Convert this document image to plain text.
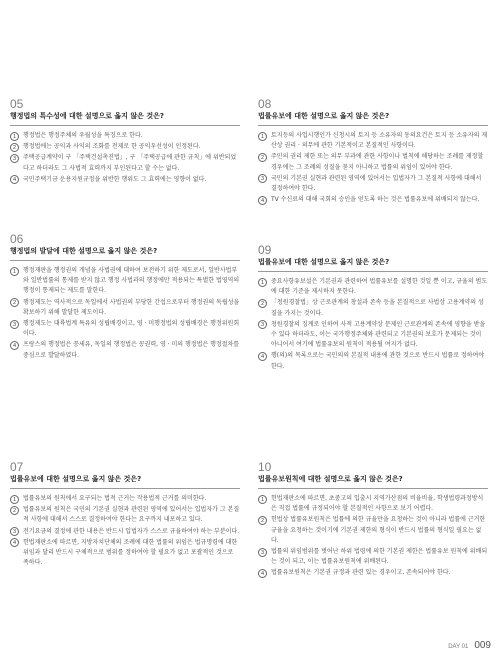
05
행정법의 특수성에 대한 설명으로 옳지 않은 것은?
1	행정법은 행정주체의 우월성을 특징으로 한다.
2	행정법에는 공익과 사익의 조화를 전제로 한 공익우선성이 인정된다.
3	주택공급계약이 구 「주택건설촉진법」, 구 「주택공급에 관한 규칙」에 위반되었다고 하더라도 그 사법적 효력까지 부인된다고 할 수는 없다.
4	국민주택기금 운용지원규정을 위반한 행위도 그 효력에는 영향이 없다.
06
행정법의 발달에 대한 설명으로 옳지 않은 것은?
1	행정재판을 행정권의 개념을 사법권에 대하여 보전하기 위한 제도로서, 일반사법부와 일반법률의 통제를 받지 않고 행정 사법과의 행정에만 적용되는 특별한 법영역의 행정이 통제되는 제도를 말한다.
2	행정제도는 역사적으로 독일에서 사법권의 부당한 간섭으로부터 행정권의 독립성을 확보하기 위해 발달한 제도이다.
3	행정제도는 대륙법계 특유의 성립배경이고, 영 · 미행정법의 성립배경은 행정위원회이다.
4	프랑스의 행정법은 꽁세유, 독일의 행정법은 꽁권력, 영 · 미의 행정법은 행정절차를 중심으로 발달하였다.
07
법률유보에 대한 설명으로 옳지 않은 것은?
1	법률유보의 원칙에서 요구되는 법적 근거는 작용법적 근거를 의미한다.
2	법률유보의 원칙은 국민의 기본권 실현과 관련된 영역에 있어서는 입법자가 그 본질적 사항에 대해서 스스로 결정하여야 한다는 요구까지 내포하고 있다.
3	전기요금의 결정에 관한 내용은 반드시 입법자가 스스로 규율하여야 하는 부분이다.
4	헌법재판소에 따르면, 지방자치단체의 조례에 대한 법률의 위임은 법규명령에 대한 위임과 달리 반드시 구체적으로 범위를 정하여야 할 필요가 없고 포괄적인 것으로 족하다.
08
법률유보에 대한 설명으로 옳지 않은 것은?
1	토지등의 사업시행인가 신청시의 토지 등 소유자의 동의요건은 토지 등 소유자의 재산상 권리 · 의무에 관한 기본적이고 본질적인 사항이다.
2	주민의 권리 제한 또는 의무 부과에 관한 사항이나 벌칙에 해당하는 조례를 제정할 경우에는 그 조례의 성질을 묻지 아니하고 법률의 위임이 있어야 한다.
3	국민의 기본권 실현과 관련된 영역에 있어서는 입법자가 그 본질적 사항에 대해서 결정하여야 한다.
4	TV 수신료의 대해 국회의 승인을 얻도록 하는 것은 법률유보에 위배되지 않는다.
09
법률유보에 대한 설명으로 옳지 않은 것은?
1	중요사항유보설은 기본권과 관련하여 법률유보를 설명한 것일 뿐 이고, 규율의 범도에 대한 기준을 제시하지 못한다.
2	「청원경찰법」상 근로관계의 창설과 존속 등을 본질적으로 사법상 고용계약의 성질을 가지는 것이다.
3	청원경찰의 징계로 인하여 사적 고용계약상 문제인 근로관계의 존속에 영향을 받을 수 있다 하더라도, 이는 국가행정주체와 관련되고 기본권의 보호가 문제되는 것이 아니어서 여기에 법률유보의 원칙이 적용될 여지가 없다.
4	행(의)의 목록으로는 국민의의 본질적 내용에 관한 것으로 반드시 법률로 정하여야 한다.
10
법률유보원칙에 대한 설명으로 옳지 않은 것은?
1	헌법재판소에 따르면, 초중고의 입출시 지역가산점의 비율비율, 학생법령과정방식은 직접 법률에 규정되어야 할 본질적인 사항으로 보기 어렵다.
2	헌법상 법률유보원칙은 법률에 의한 규율만을 요청하는 것이 아니라 법률에 근거한 규율을 요청하는 것이기에 기본권 제한의 형식이 반드시 법률의 형식일 필요는 없다.
3	법률의 위임범위를 벗어난 하위 법령에 의한 기본권 제한은 법률유보 원칙에 위배되는 것이 되고, 이는 법률유보원칙에 위배된다.
4	법률유보원칙은 기본권 규정과 관련 있는 경우이고, 존속되어야 한다.
DAY 01 009
